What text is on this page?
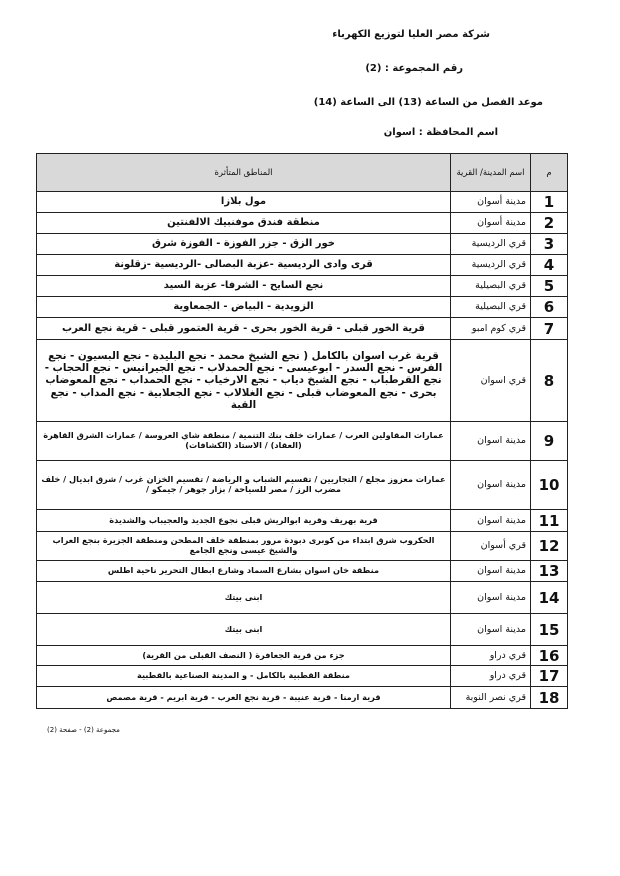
شركة مصر العليا لتوزيع الكهرباء
رقم المجموعة : (2)
موعد الفصل من الساعة (13) الى الساعة (14)
اسم المحافظة : اسوان
م	اسم المدينة/ القرية	المناطق المتأثرة
1	مدينة أسوان	مول بلازا
2	مدينة أسوان	منطقة فندق موفنبيك الالفنتين
3	قري الرديسية	خور الزق - جزر الفوزة - الفوزة شرق
4	قري الرديسية	قرى وادى الرديسية -عزبة البصالى -الرديسية -زقلونة
5	قري البصيلية	نجع السايح - الشرفا- عزبة السيد
6	قري البصيلية	الزويدية - البياض - الجمعاوية
7	قري كوم امبو	قرية الخور قبلى - قرية الخور بحرى - قرية العتمور قبلى - قرية نجع العرب
8	قري اسوان	قرية غرب اسوان بالكامل ( نجع الشيخ محمد - نجع البليدة - نجع البسيون - نجع الفرس - نجع السدر - ابوعيسى - نجع الحمدلاب - نجع الجيرانيس - نجع الحجاب - نجع القرطباب - نجع الشيخ دياب - نجع الارخياب - نجع الحمداب - نجع المعوضاب بحرى - نجع المعوضاب قبلى - نجع الغلالاب - نجع الجعلابية - نجع المداب - نجع القبة
9	مدينة اسوان	عمارات المقاولين العرب / عمارات خلف بنك التنمية / منطقة شاي العروسة / عمارات الشرق القاهرة (العقاد) / الاستاد (الكشافات)
10	مدينة اسوان	عمارات معزوز مجلع / التجاريين / تقسيم الشباب و الرياضة / تقسيم الخزان غرب / شرق ابديال / خلف مضرب الرز / مصر للسياحة / بزار جوهر / جيمكو /
11	مدينة اسوان	قرية بهريف وقرية ابوالريش قبلى نجوع الجديد والعجيباب والشديدة
12	قري أسوان	الحكروب شرق ابتداء من كوبرى دبودة مرور بمنطقة خلف المطحن ومنطقة الجزيرة بنجع العراب والشيخ عيسى ونجع الجامع
13	مدينة اسوان	منطقة خان اسوان بشارع السماد وشارع ابطال التحرير ناحية اطلس
14	مدينة اسوان	ابنى بيتك
15	مدينة اسوان	ابنى بيتك
16	قري دراو	جزء من قرية الجعافرة ( النصف القبلى من القرية)
17	قري دراو	منطقة القطبية بالكامل - و المدينة الصناعية بالقطبية
18	قري نصر النوبة	قرية ارمنا - قرية عنيبة - قرية نجع العرب - قرية ابريم - قرية مصمص
مجموعة (2) - صفحة (2)
